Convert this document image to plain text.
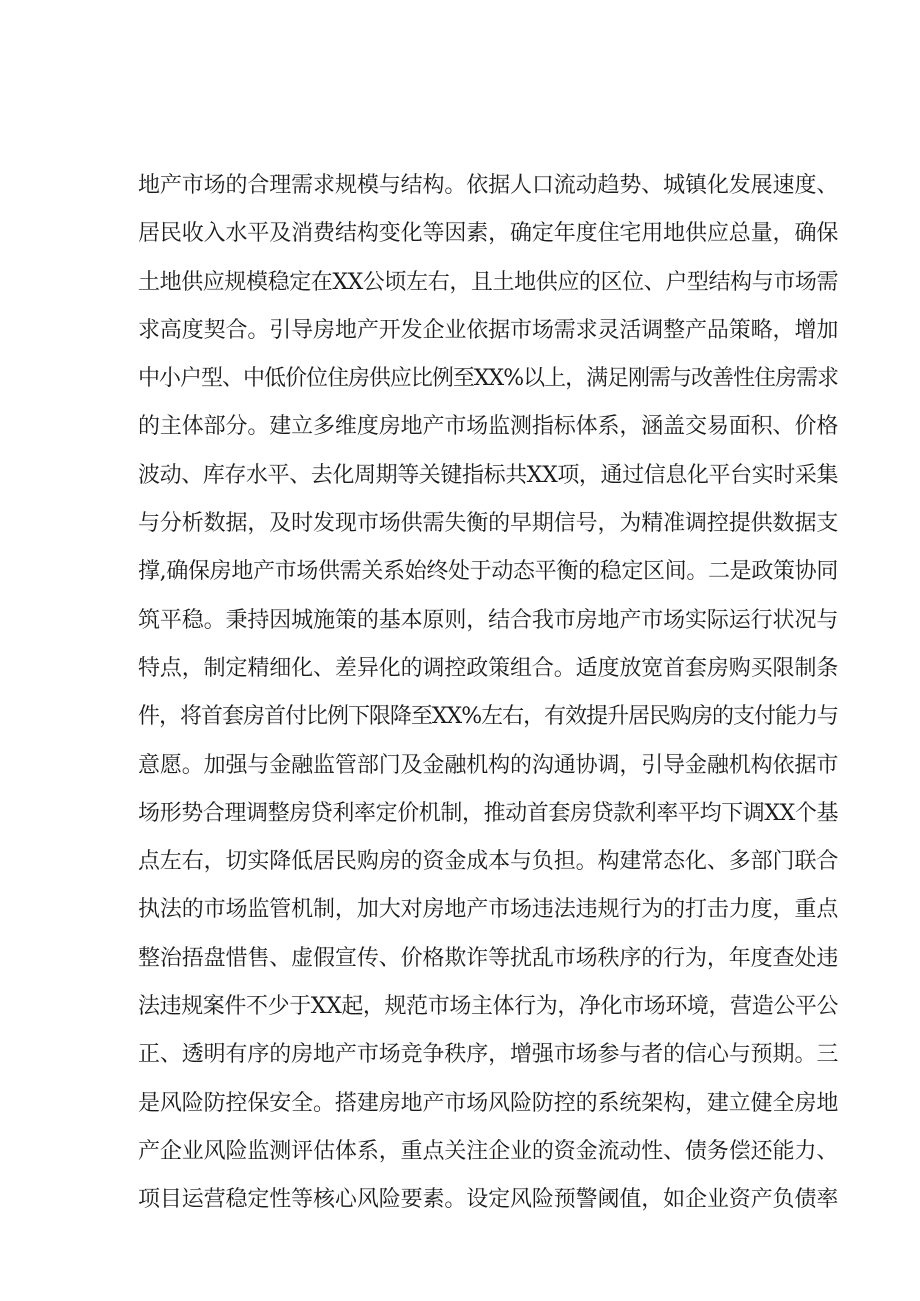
地产市场的合理需求规模与结构。依据人口流动趋势、城镇化发展速度、
居民收入水平及消费结构变化等因素，确定年度住宅用地供应总量，确保
土地供应规模稳定在XX公顷左右，且土地供应的区位、户型结构与市场需
求高度契合。引导房地产开发企业依据市场需求灵活调整产品策略，增加
中小户型、中低价位住房供应比例至XX%以上，满足刚需与改善性住房需求
的主体部分。建立多维度房地产市场监测指标体系，涵盖交易面积、价格
波动、库存水平、去化周期等关键指标共XX项，通过信息化平台实时采集
与分析数据，及时发现市场供需失衡的早期信号，为精准调控提供数据支
撑,确保房地产市场供需关系始终处于动态平衡的稳定区间。二是政策协同
筑平稳。秉持因城施策的基本原则，结合我市房地产市场实际运行状况与
特点，制定精细化、差异化的调控政策组合。适度放宽首套房购买限制条
件，将首套房首付比例下限降至XX%左右，有效提升居民购房的支付能力与
意愿。加强与金融监管部门及金融机构的沟通协调，引导金融机构依据市
场形势合理调整房贷利率定价机制，推动首套房贷款利率平均下调XX个基
点左右，切实降低居民购房的资金成本与负担。构建常态化、多部门联合
执法的市场监管机制，加大对房地产市场违法违规行为的打击力度，重点
整治捂盘惜售、虚假宣传、价格欺诈等扰乱市场秩序的行为，年度查处违
法违规案件不少于XX起，规范市场主体行为，净化市场环境，营造公平公
正、透明有序的房地产市场竞争秩序，增强市场参与者的信心与预期。三
是风险防控保安全。搭建房地产市场风险防控的系统架构，建立健全房地
产企业风险监测评估体系，重点关注企业的资金流动性、债务偿还能力、
项目运营稳定性等核心风险要素。设定风险预警阈值，如企业资产负债率
